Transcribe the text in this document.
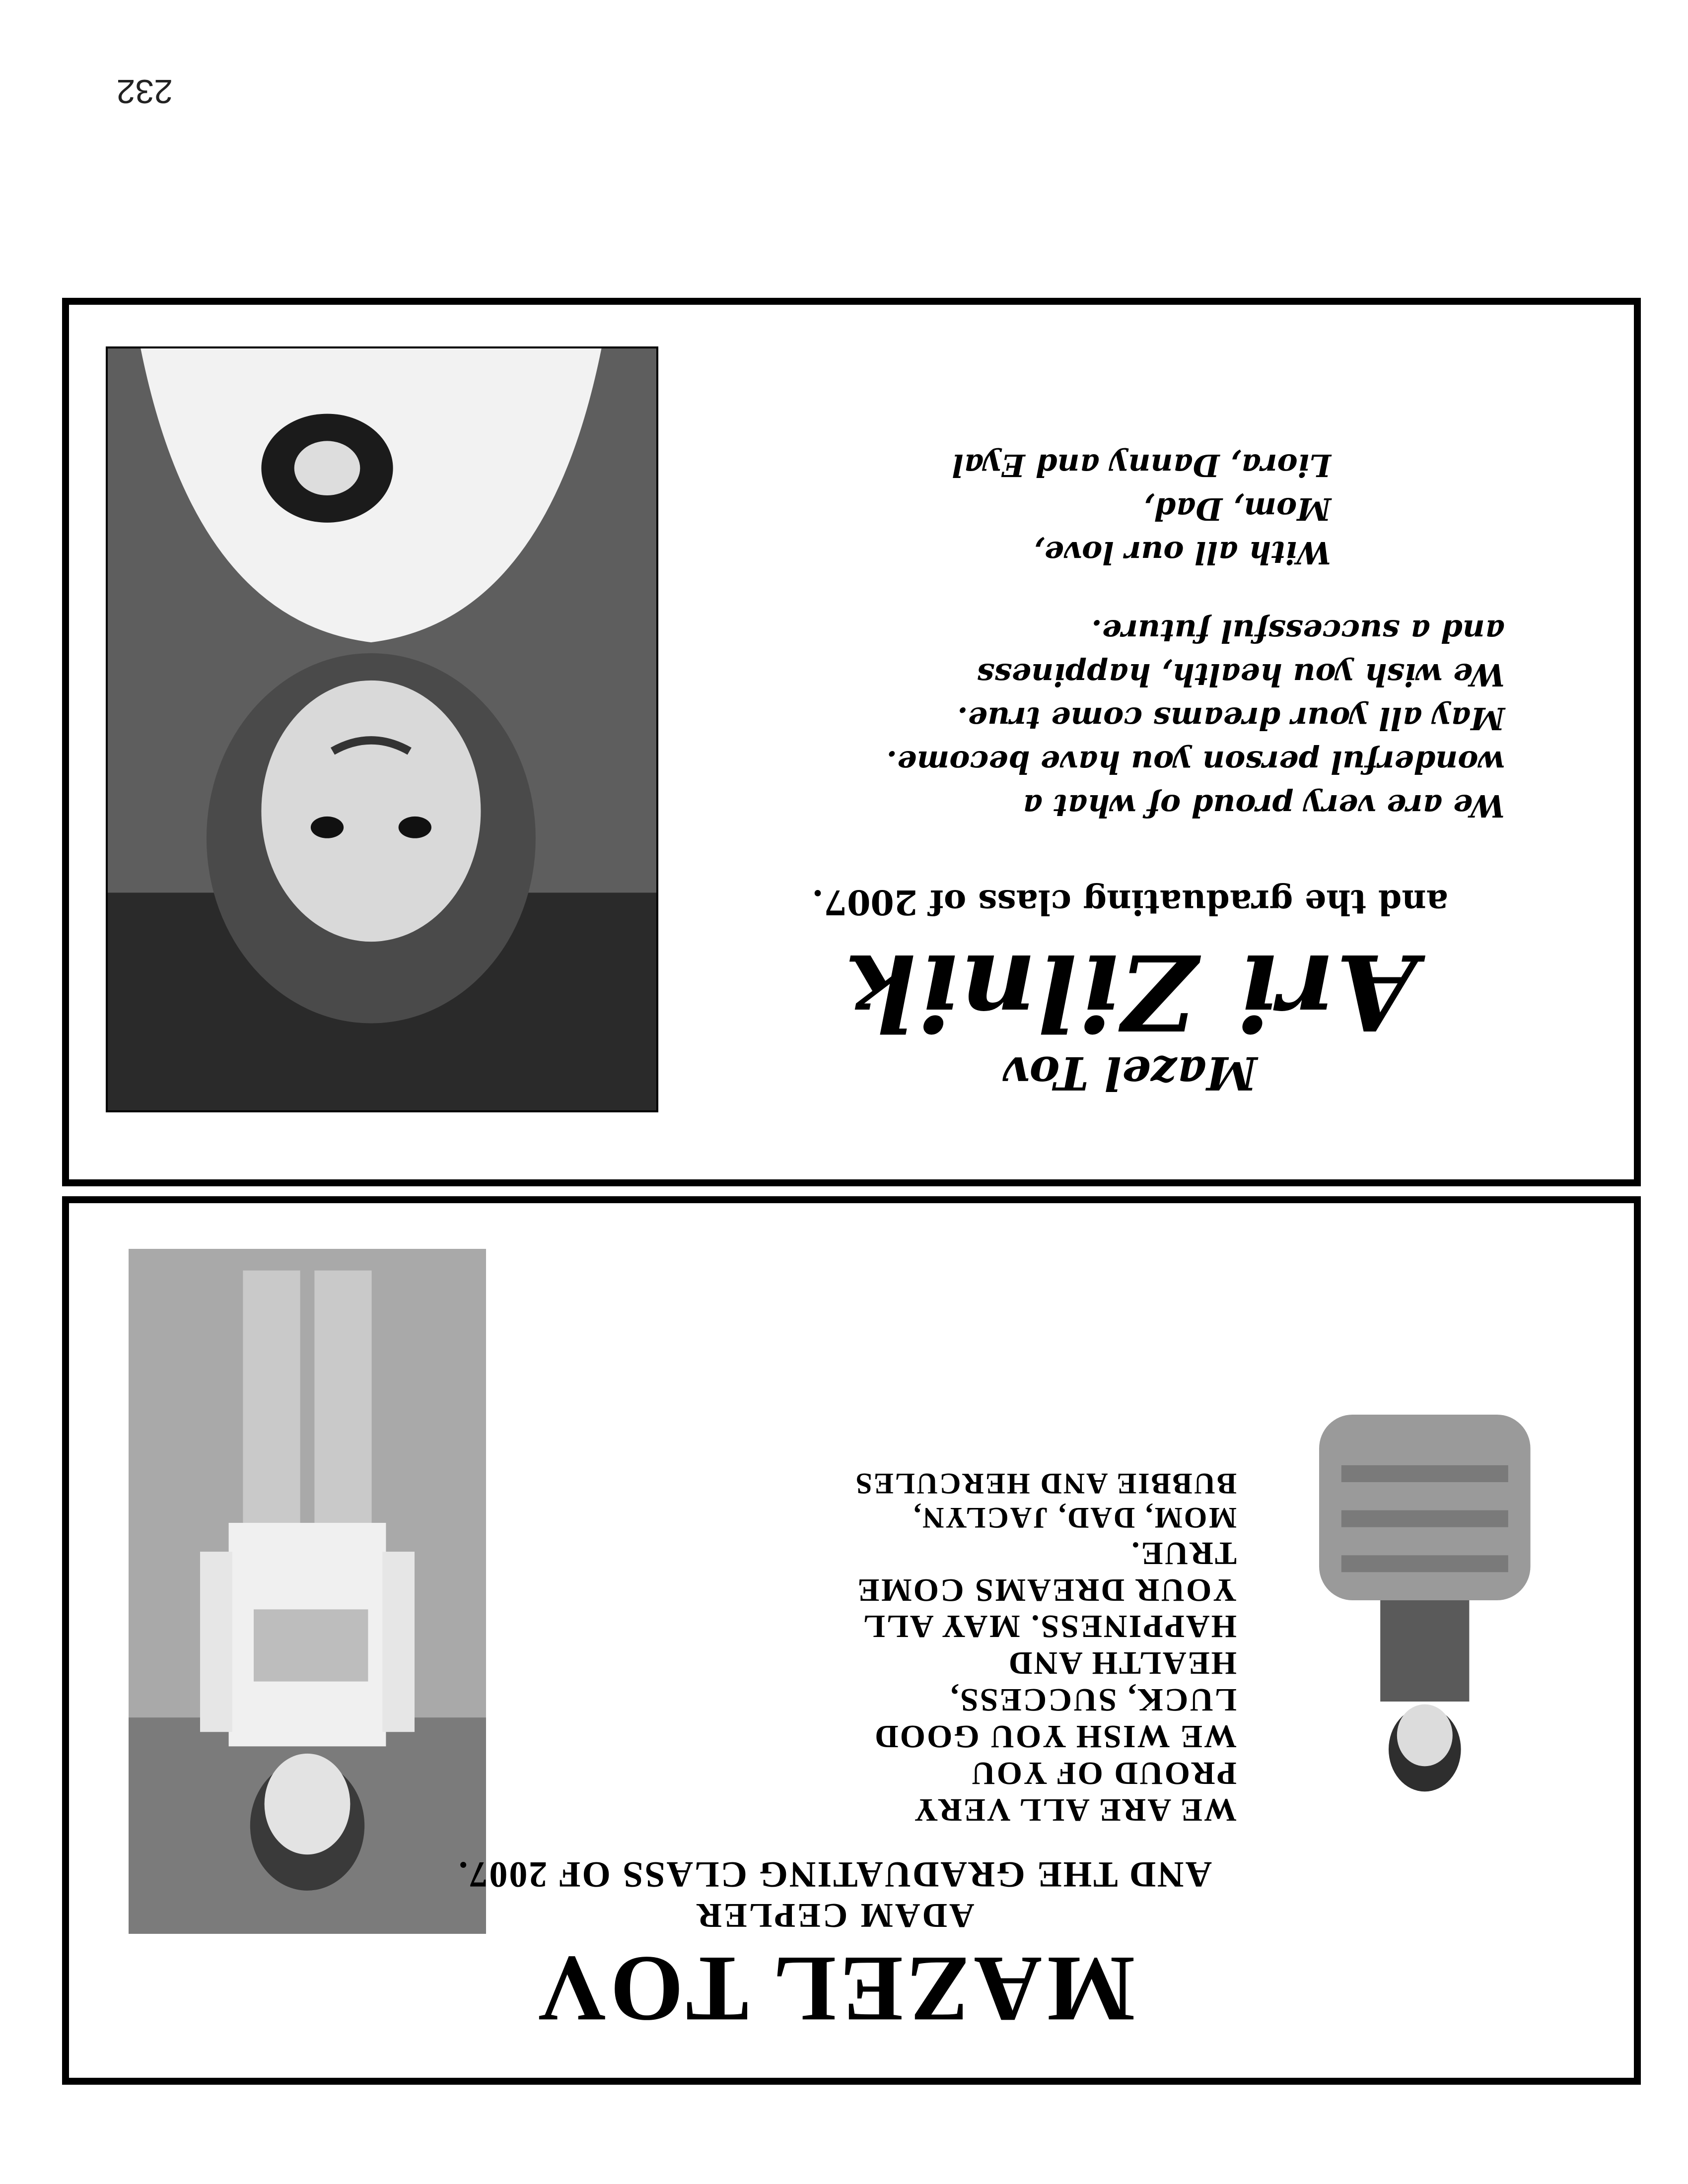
232
Mazel Tov
Ari Zilnik
and the graduating class of 2007.
We are very proud of what a
wonderful person you have become.
May all your dreams come true.
We wish you health, happiness
and a successful future.
With all our love,
Mom, Dad,
Liora, Danny and Eyal
MAZEL TOV
ADAM CEPLER
AND THE GRADUATING CLASS OF 2007.
WE ARE ALL VERY
PROUD OF YOU
WE WISH YOU GOOD
LUCK, SUCCESS,
HEALTH AND
HAPPINESS. MAY ALL
YOUR DREAMS COME
TRUE.
MOM, DAD, JACLYN,
BUBBIE AND HERCULES
